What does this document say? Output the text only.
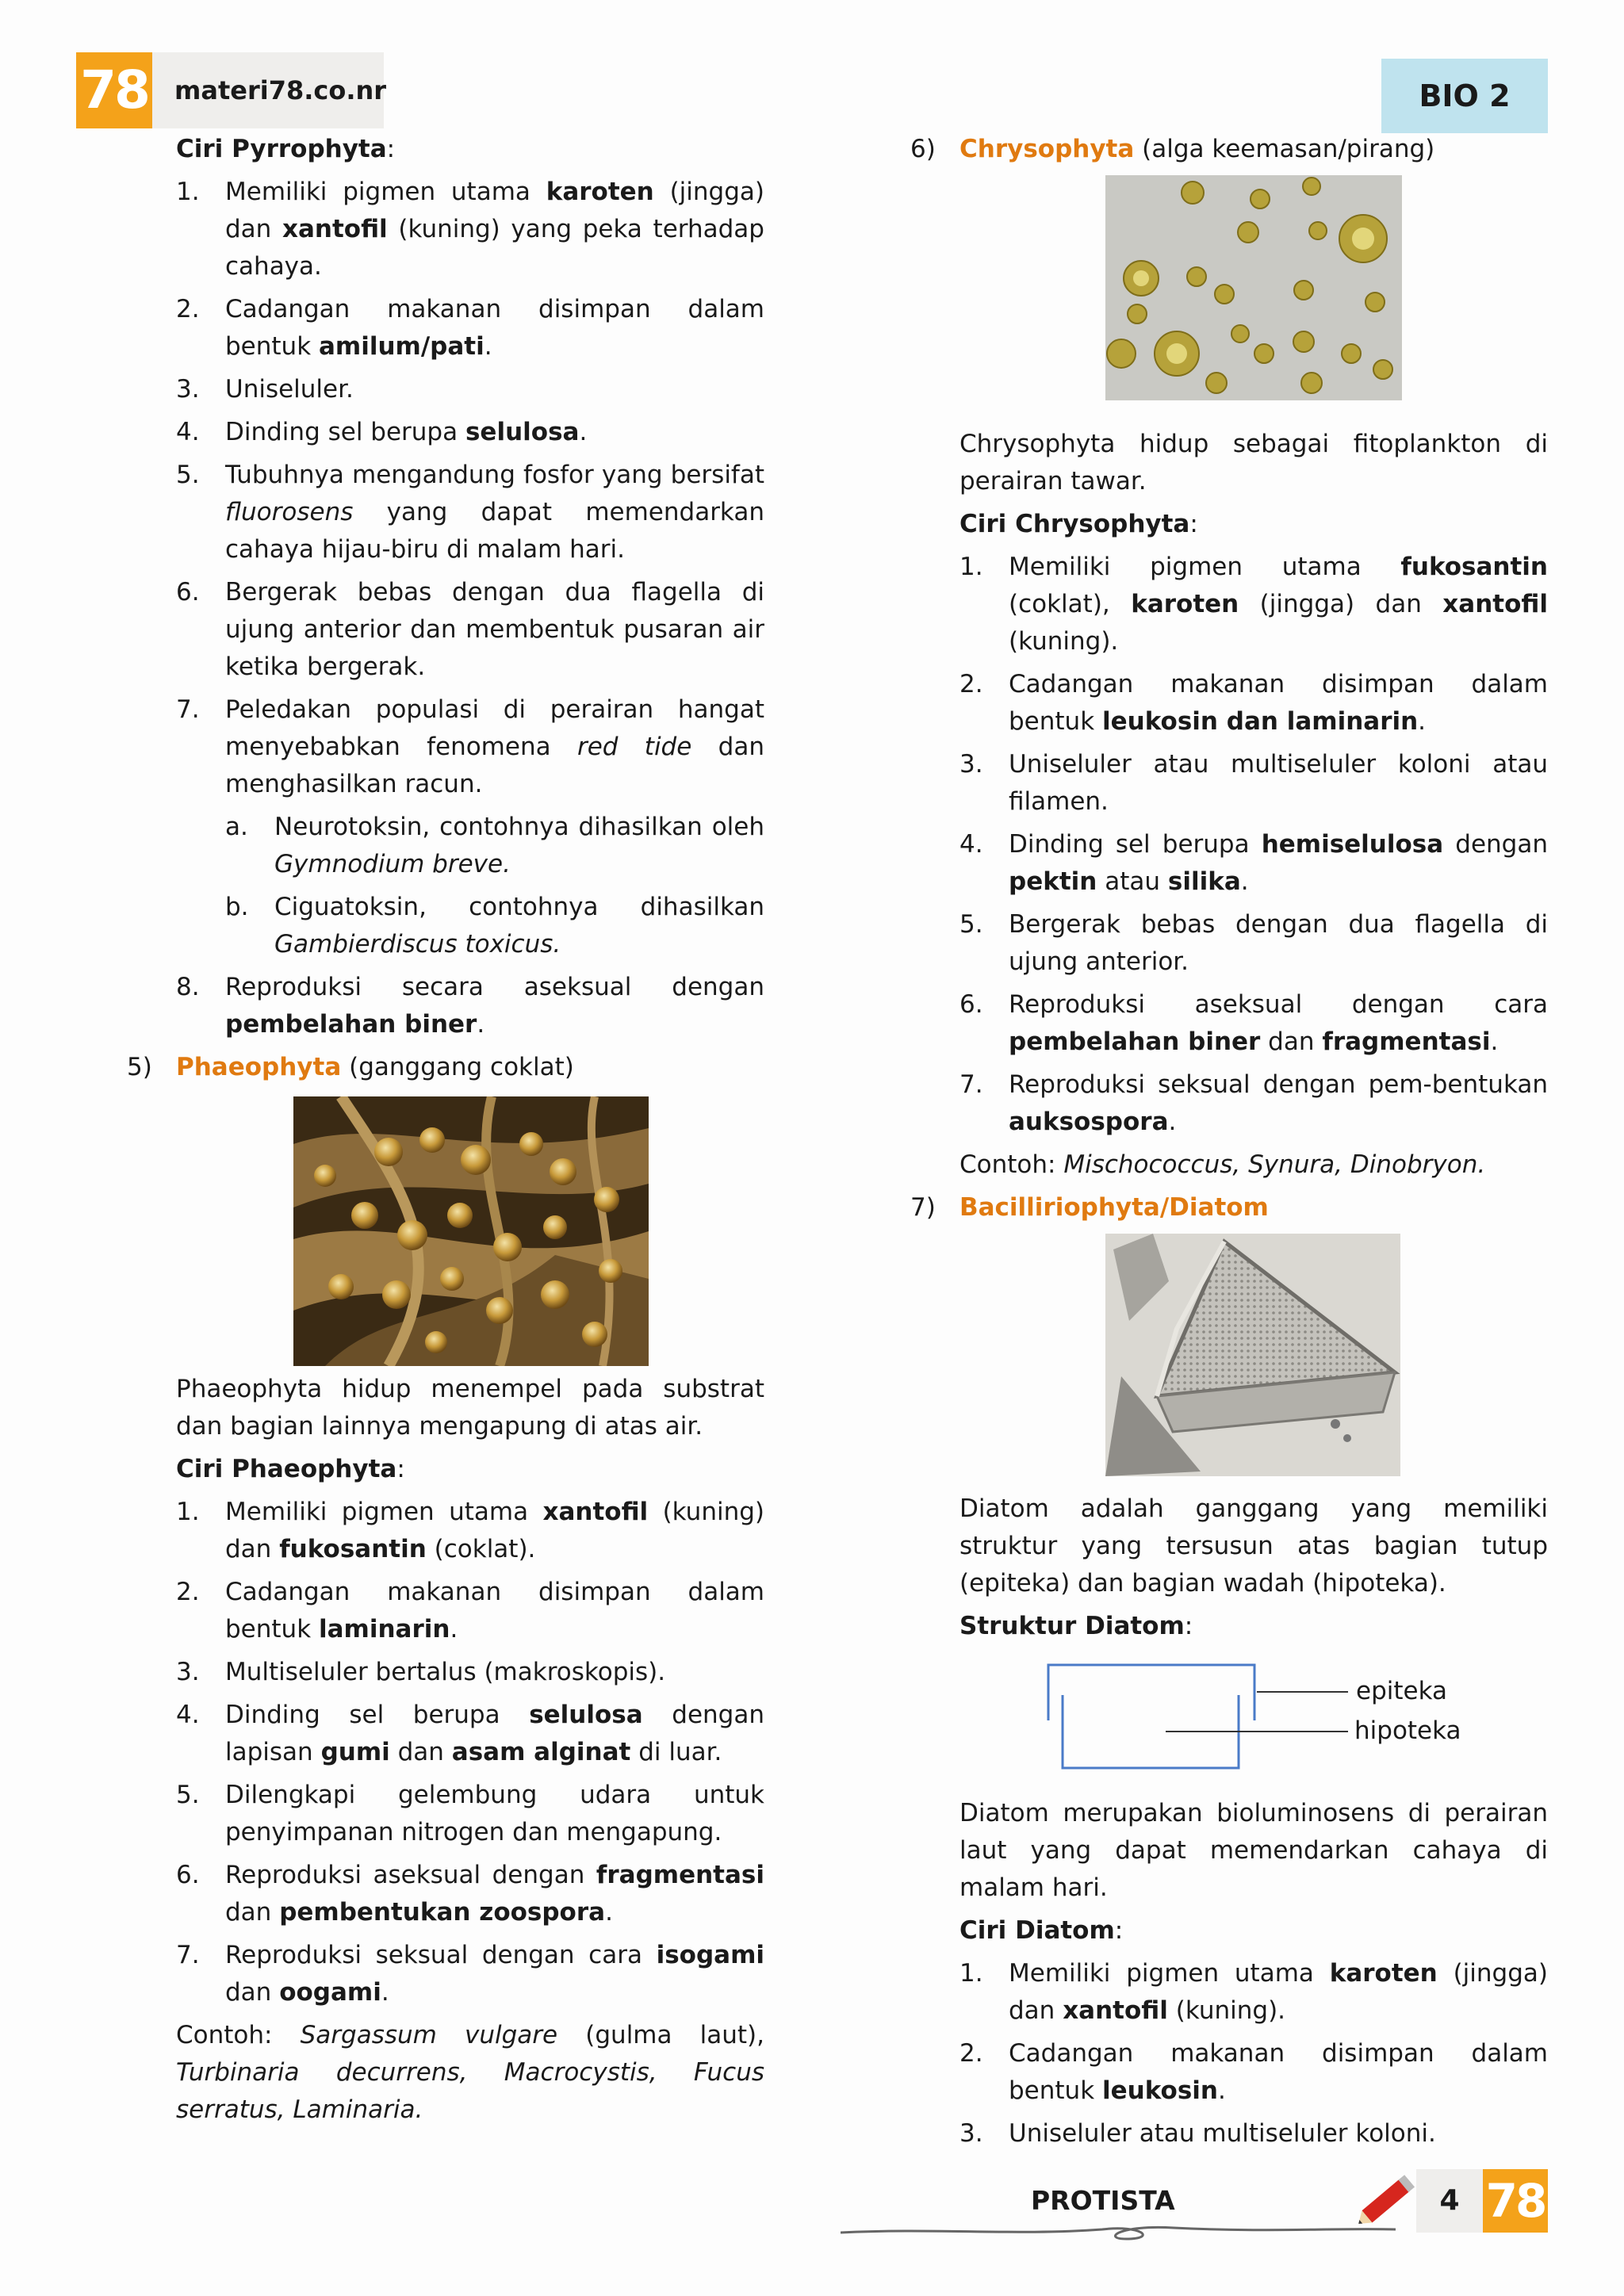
78	materi78.co.nr	BIO 2

Ciri Pyrrophyta:

1.	Memiliki pigmen utama karoten (jingga) dan xantofil (kuning) yang peka terhadap cahaya.
2.	Cadangan makanan disimpan dalam bentuk amilum/pati.
3.	Uniseluler.
4.	Dinding sel berupa selulosa.
5.	Tubuhnya mengandung fosfor yang bersifat fluorosens yang dapat memendarkan cahaya hijau-biru di malam hari.
6.	Bergerak bebas dengan dua flagella di ujung anterior dan membentuk pusaran air ketika bergerak.
7.	Peledakan populasi di perairan hangat menyebabkan fenomena red tide dan menghasilkan racun.
a.	Neurotoksin, contohnya dihasilkan oleh Gymnodium breve.
b.	Ciguatoksin, contohnya dihasilkan Gambierdiscus toxicus.
8.	Reproduksi secara aseksual dengan pembelahan biner.
5) Phaeophyta (ganggang coklat)

Phaeophyta hidup menempel pada substrat dan bagian lainnya mengapung di atas air.

Ciri Phaeophyta:

1.	Memiliki pigmen utama xantofil (kuning) dan fukosantin (coklat).
2.	Cadangan makanan disimpan dalam bentuk laminarin.
3.	Multiseluler bertalus (makroskopis).
4.	Dinding sel berupa selulosa dengan lapisan gumi dan asam alginat di luar.
5.	Dilengkapi gelembung udara untuk penyimpanan nitrogen dan mengapung.
6.	Reproduksi aseksual dengan fragmentasi dan pembentukan zoospora.
7.	Reproduksi seksual dengan cara isogami dan oogami.

Contoh: Sargassum vulgare (gulma laut), Turbinaria decurrens, Macrocystis, Fucus serratus, Laminaria.

6) Chrysophyta (alga keemasan/pirang)

Chrysophyta hidup sebagai fitoplankton di perairan tawar.

Ciri Chrysophyta:

1.	Memiliki pigmen utama fukosantin (coklat), karoten (jingga) dan xantofil (kuning).
2.	Cadangan makanan disimpan dalam bentuk leukosin dan laminarin.
3.	Uniseluler atau multiseluler koloni atau filamen.
4.	Dinding sel berupa hemiselulosa dengan pektin atau silika.
5.	Bergerak bebas dengan dua flagella di ujung anterior.
6.	Reproduksi aseksual dengan cara pembelahan biner dan fragmentasi.
7.	Reproduksi seksual dengan pem-bentukan auksospora.

Contoh: Mischococcus, Synura, Dinobryon.

7) Bacilliriophyta/Diatom

Diatom adalah ganggang yang memiliki struktur yang tersusun atas bagian tutup (epiteka) dan bagian wadah (hipoteka).

Struktur Diatom:

epiteka
hipoteka

Diatom merupakan bioluminosens di perairan laut yang dapat memendarkan cahaya di malam hari.

Ciri Diatom:

1.	Memiliki pigmen utama karoten (jingga) dan xantofil (kuning).
2.	Cadangan makanan disimpan dalam bentuk leukosin.
3.	Uniseluler atau multiseluler koloni.
PROTISTA	4 78
